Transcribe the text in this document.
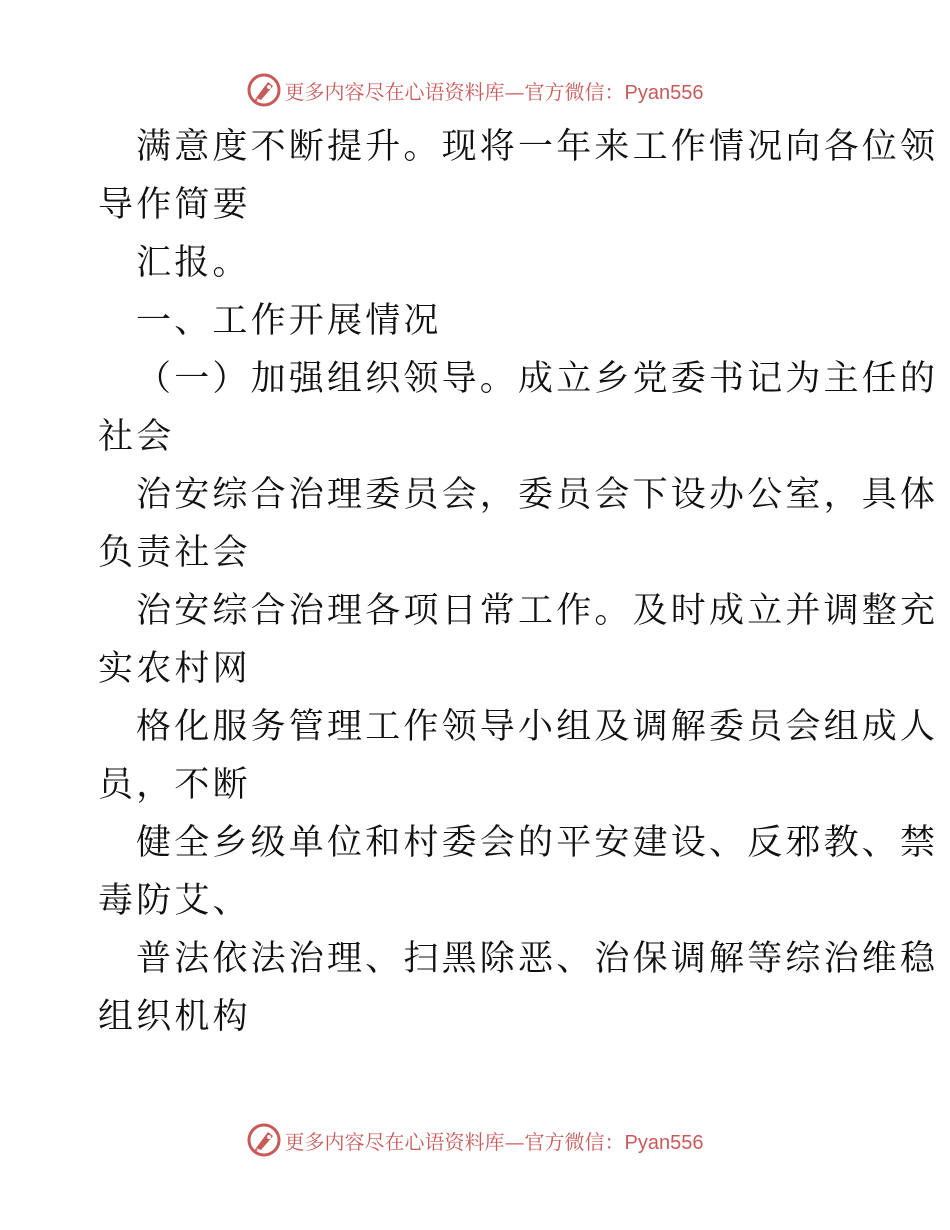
更多内容尽在心语资料库—官方微信：Pyan556
满意度不断提升。现将一年来工作情况向各位领
导作简要
汇报。
一、工作开展情况
（一）加强组织领导。成立乡党委书记为主任的
社会
治安综合治理委员会，委员会下设办公室，具体
负责社会
治安综合治理各项日常工作。及时成立并调整充
实农村网
格化服务管理工作领导小组及调解委员会组成人
员，不断
健全乡级单位和村委会的平安建设、反邪教、禁
毒防艾、
普法依法治理、扫黑除恶、治保调解等综治维稳
组织机构
更多内容尽在心语资料库—官方微信：Pyan556
